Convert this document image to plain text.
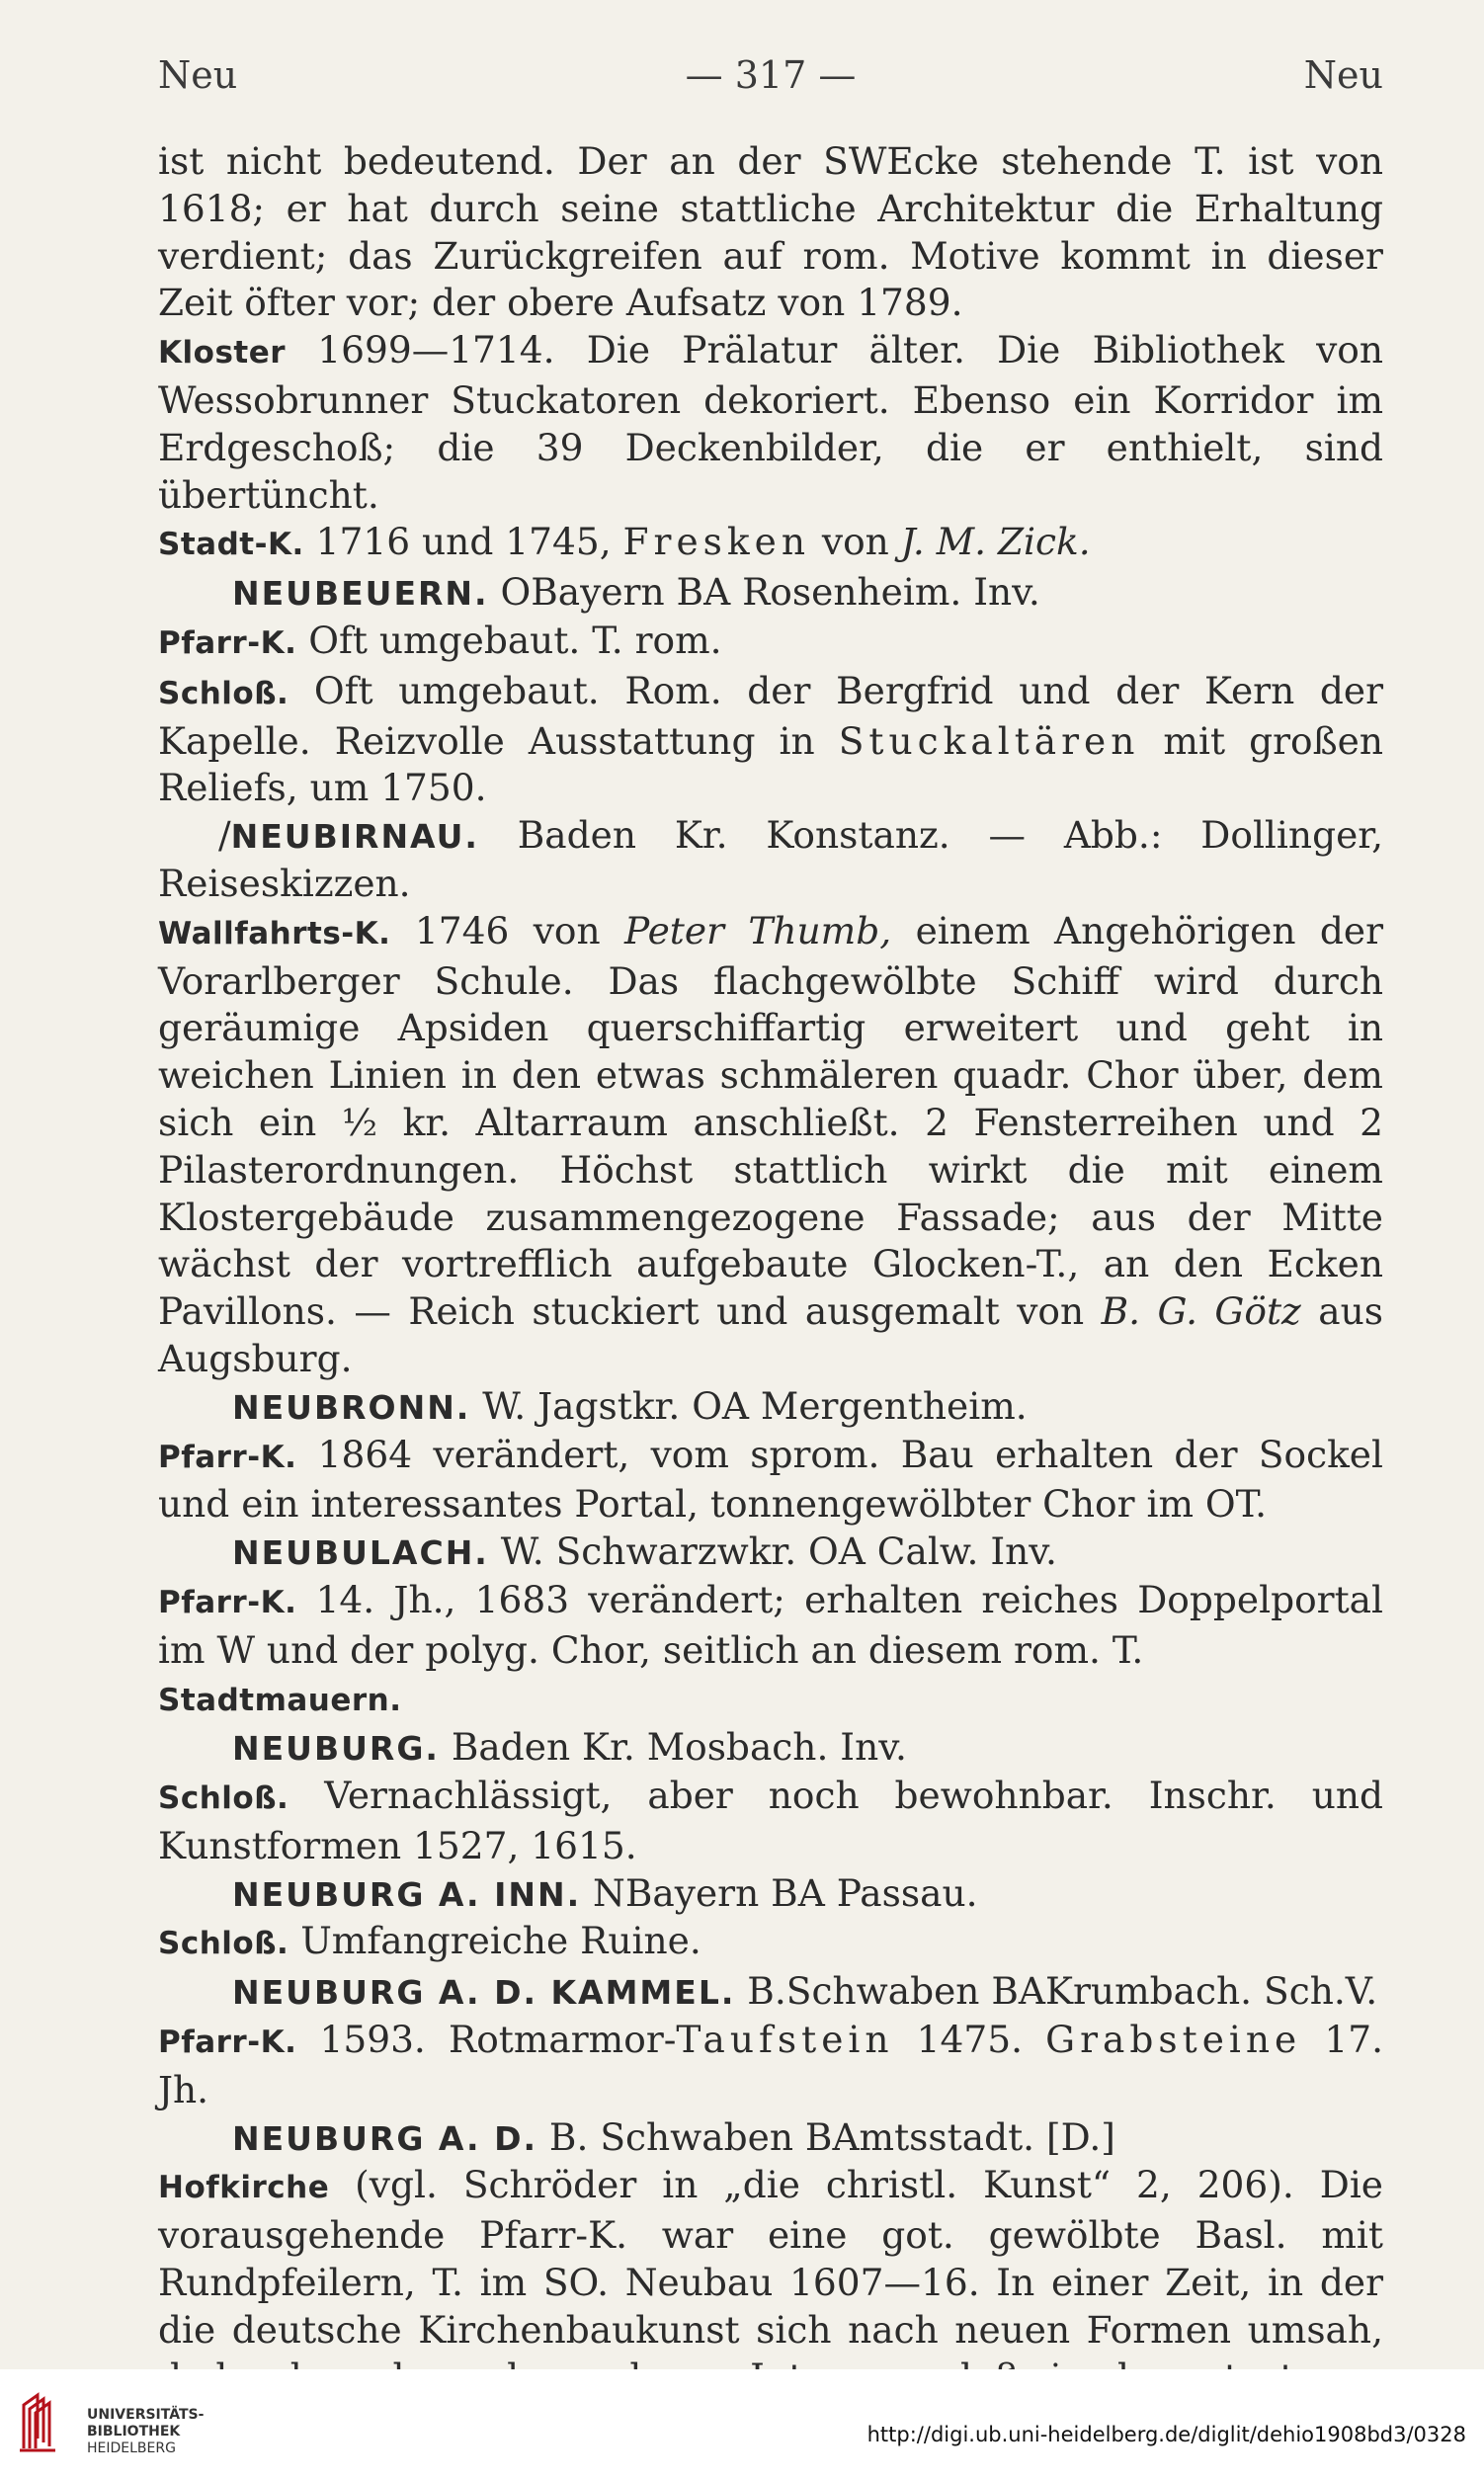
Neu	— 317 —	Neu

ist nicht bedeutend. Der an der SWEcke stehende T. ist von 1618; er hat durch seine stattliche Architektur die Erhaltung verdient; das Zurückgreifen auf rom. Motive kommt in dieser Zeit öfter vor; der obere Aufsatz von 1789.

Kloster 1699—1714. Die Prälatur älter. Die Bibliothek von Wessobrunner Stuckatoren dekoriert. Ebenso ein Korridor im Erdgeschoß; die 39 Deckenbilder, die er enthielt, sind übertüncht.

Stadt-K. 1716 und 1745, Fresken von J. M. Zick.

NEUBEUERN. OBayern BA Rosenheim. Inv.

Pfarr-K. Oft umgebaut. T. rom.

Schloß. Oft umgebaut. Rom. der Bergfrid und der Kern der Kapelle. Reizvolle Ausstattung in Stuckaltären mit großen Reliefs, um 1750.

/NEUBIRNAU. Baden Kr. Konstanz. — Abb.: Dollinger, Reiseskizzen.

Wallfahrts-K. 1746 von Peter Thumb, einem Angehörigen der Vorarlberger Schule. Das flachgewölbte Schiff wird durch geräumige Apsiden querschiffartig erweitert und geht in weichen Linien in den etwas schmäleren quadr. Chor über, dem sich ein ½ kr. Altarraum anschließt. 2 Fensterreihen und 2 Pilasterordnungen. Höchst stattlich wirkt die mit einem Klostergebäude zusammengezogene Fassade; aus der Mitte wächst der vortrefflich aufgebaute Glocken-T., an den Ecken Pavillons. — Reich stuckiert und ausgemalt von B. G. Götz aus Augsburg.

NEUBRONN. W. Jagstkr. OA Mergentheim.

Pfarr-K. 1864 verändert, vom sprom. Bau erhalten der Sockel und ein interessantes Portal, tonnengewölbter Chor im OT.

NEUBULACH. W. Schwarzwkr. OA Calw. Inv.

Pfarr-K. 14. Jh., 1683 verändert; erhalten reiches Doppelportal im W und der polyg. Chor, seitlich an diesem rom. T.

Stadtmauern.

NEUBURG. Baden Kr. Mosbach. Inv.

Schloß. Vernachlässigt, aber noch bewohnbar. Inschr. und Kunstformen 1527, 1615.

NEUBURG A. INN. NBayern BA Passau.

Schloß. Umfangreiche Ruine.

NEUBURG A. D. KAMMEL. B.Schwaben BAKrumbach. Sch.V.

Pfarr-K. 1593. Rotmarmor-Taufstein 1475. Grabsteine 17. Jh.

NEUBURG A. D. B. Schwaben BAmtsstadt. [D.]

Hofkirche (vgl. Schröder in „die christl. Kunst“ 2, 206). Die vorausgehende Pfarr-K. war eine got. gewölbte Basl. mit Rundpfeilern, T. im SO. Neubau 1607—16. In einer Zeit, in der die deutsche Kirchenbaukunst sich nach neuen Formen umsah,

UNIVERSITÄTS-
BIBLIOTHEK
HEIDELBERG
http://digi.ub.uni-heidelberg.de/diglit/dehio1908bd3/0328
